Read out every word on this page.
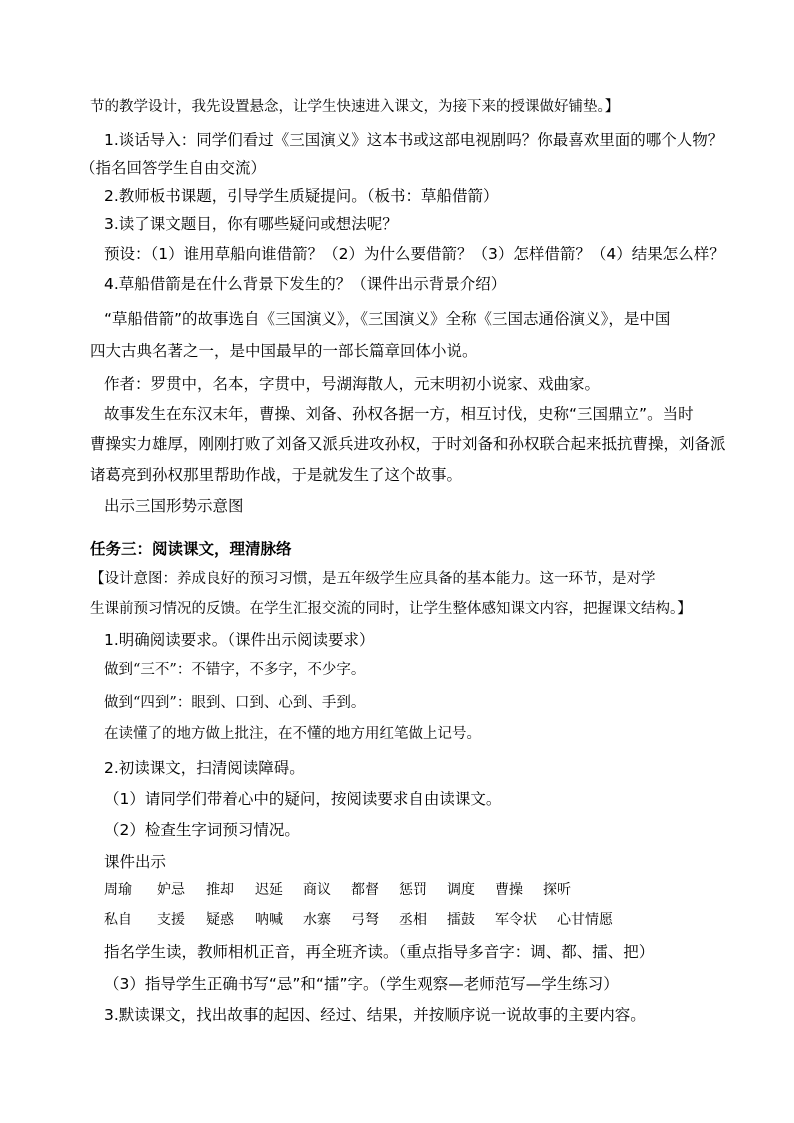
节的教学设计，我先设置悬念，让学生快速进入课文，为接下来的授课做好铺垫。】
1.谈话导入：同学们看过《三国演义》这本书或这部电视剧吗？你最喜欢里面的哪个人物？
（指名回答学生自由交流）
2.教师板书课题，引导学生质疑提问。（板书：草船借箭）
3.读了课文题目，你有哪些疑问或想法呢？
预设：（1）谁用草船向谁借箭？（2）为什么要借箭？（3）怎样借箭？（4）结果怎么样？
4.草船借箭是在什么背景下发生的？（课件出示背景介绍）
“草船借箭”的故事选自《三国演义》，《三国演义》全称《三国志通俗演义》，是中国
四大古典名著之一，是中国最早的一部长篇章回体小说。
作者：罗贯中，名本，字贯中，号湖海散人，元末明初小说家、戏曲家。
故事发生在东汉末年，曹操、刘备、孙权各据一方，相互讨伐，史称“三国鼎立”。当时
曹操实力雄厚，刚刚打败了刘备又派兵进攻孙权，于时刘备和孙权联合起来抵抗曹操，刘备派
诸葛亮到孙权那里帮助作战，于是就发生了这个故事。
出示三国形势示意图
任务三：阅读课文，理清脉络
【设计意图：养成良好的预习习惯，是五年级学生应具备的基本能力。这一环节，是对学
生课前预习情况的反馈。在学生汇报交流的同时，让学生整体感知课文内容，把握课文结构。】
1.明确阅读要求。（课件出示阅读要求）
做到“三不”：不错字，不多字，不少字。
做到“四到”：眼到、口到、心到、手到。
在读懂了的地方做上批注，在不懂的地方用红笔做上记号。
2.初读课文，扫清阅读障碍。
（1）请同学们带着心中的疑问，按阅读要求自由读课文。
（2）检查生字词预习情况。
课件出示
周瑜 妒忌 推却 迟延 商议 都督 惩罚 调度 曹操 探听
私自 支援 疑惑 呐喊 水寨 弓弩 丞相 擂鼓 军令状 心甘情愿
指名学生读，教师相机正音，再全班齐读。（重点指导多音字：调、都、擂、把）
（3）指导学生正确书写“忌”和“擂”字。（学生观察—老师范写—学生练习）
3.默读课文，找出故事的起因、经过、结果，并按顺序说一说故事的主要内容。
